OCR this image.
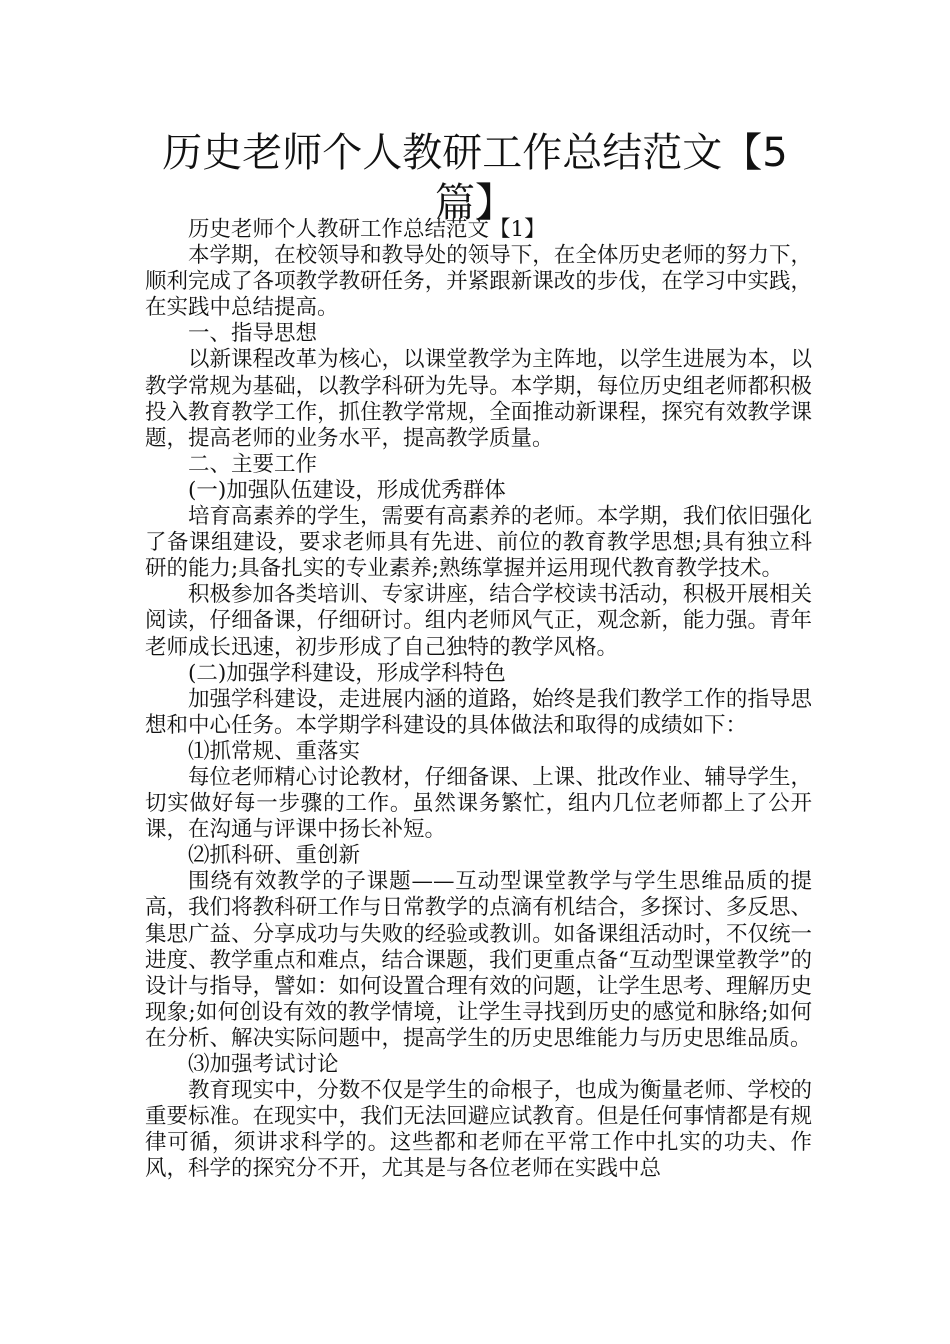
历史老师个人教研工作总结范文【5篇】

历史老师个人教研工作总结范文【1】

本学期，在校领导和教导处的领导下，在全体历史老师的努力下，顺利完成了各项教学教研任务，并紧跟新课改的步伐，在学习中实践，在实践中总结提高。

一、指导思想

以新课程改革为核心，以课堂教学为主阵地，以学生进展为本，以教学常规为基础，以教学科研为先导。本学期，每位历史组老师都积极投入教育教学工作，抓住教学常规，全面推动新课程，探究有效教学课题，提高老师的业务水平，提高教学质量。

二、主要工作

(一)加强队伍建设，形成优秀群体

培育高素养的学生，需要有高素养的老师。本学期，我们依旧强化了备课组建设，要求老师具有先进、前位的教育教学思想;具有独立科研的能力;具备扎实的专业素养;熟练掌握并运用现代教育教学技术。

积极参加各类培训、专家讲座，结合学校读书活动，积极开展相关阅读，仔细备课，仔细研讨。组内老师风气正，观念新，能力强。青年老师成长迅速，初步形成了自己独特的教学风格。

(二)加强学科建设，形成学科特色

加强学科建设，走进展内涵的道路，始终是我们教学工作的指导思想和中心任务。本学期学科建设的具体做法和取得的成绩如下：

⑴抓常规、重落实

每位老师精心讨论教材，仔细备课、上课、批改作业、辅导学生，切实做好每一步骤的工作。虽然课务繁忙，组内几位老师都上了公开课，在沟通与评课中扬长补短。

⑵抓科研、重创新

围绕有效教学的子课题——互动型课堂教学与学生思维品质的提高，我们将教科研工作与日常教学的点滴有机结合，多探讨、多反思、集思广益、分享成功与失败的经验或教训。如备课组活动时，不仅统一进度、教学重点和难点，结合课题，我们更重点备“互动型课堂教学”的设计与指导，譬如：如何设置合理有效的问题，让学生思考、理解历史现象;如何创设有效的教学情境，让学生寻找到历史的感觉和脉络;如何在分析、解决实际问题中，提高学生的历史思维能力与历史思维品质。

⑶加强考试讨论

教育现实中，分数不仅是学生的命根子，也成为衡量老师、学校的重要标准。在现实中，我们无法回避应试教育。但是任何事情都是有规律可循，须讲求科学的。这些都和老师在平常工作中扎实的功夫、作风，科学的探究分不开，尤其是与各位老师在实践中总
